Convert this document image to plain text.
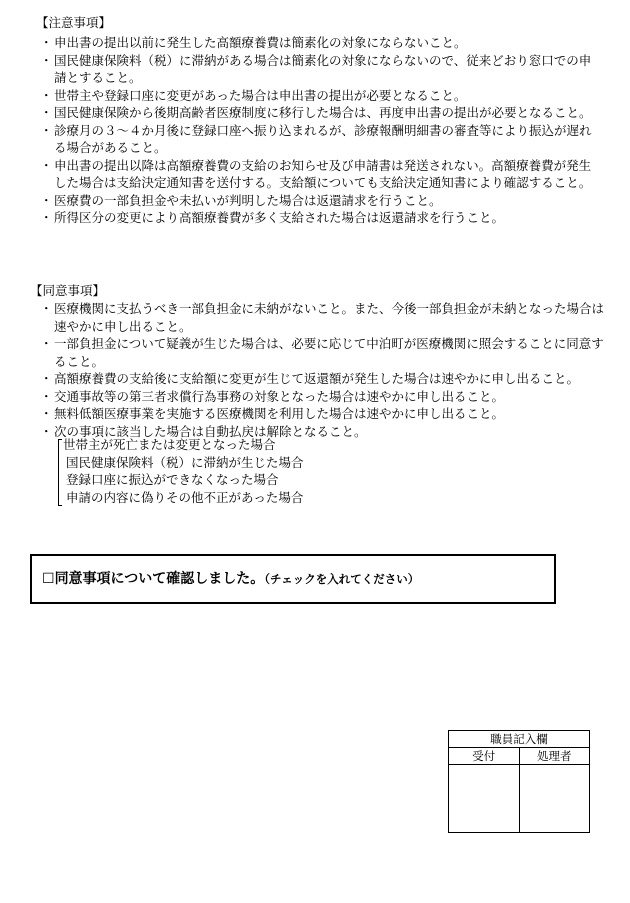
【注意事項】
・ 申出書の提出以前に発生した高額療養費は簡素化の対象にならないこと。
・ 国民健康保険料（税）に滞納がある場合は簡素化の対象にならないので、従来どおり窓口での申請とすること。
・ 世帯主や登録口座に変更があった場合は申出書の提出が必要となること。
・ 国民健康保険から後期高齢者医療制度に移行した場合は、再度申出書の提出が必要となること。
・ 診療月の３～４か月後に登録口座へ振り込まれるが、診療報酬明細書の審査等により振込が遅れる場合があること。
・ 申出書の提出以降は高額療養費の支給のお知らせ及び申請書は発送されない。高額療養費が発生した場合は支給決定通知書を送付する。支給額についても支給決定通知書により確認すること。
・ 医療費の一部負担金や未払いが判明した場合は返還請求を行うこと。
・ 所得区分の変更により高額療養費が多く支給された場合は返還請求を行うこと。
【同意事項】
・ 医療機関に支払うべき一部負担金に未納がないこと。また、今後一部負担金が未納となった場合は速やかに申し出ること。
・ 一部負担金について疑義が生じた場合は、必要に応じて中泊町が医療機関に照会することに同意すること。
・ 高額療養費の支給後に支給額に変更が生じて返還額が発生した場合は速やかに申し出ること。
・ 交通事故等の第三者求償行為事務の対象となった場合は速やかに申し出ること。
・ 無料低額医療事業を実施する医療機関を利用した場合は速やかに申し出ること。
・ 次の事項に該当した場合は自動払戻は解除となること。
世帯主が死亡または変更となった場合
国民健康保険料（税）に滞納が生じた場合
登録口座に振込ができなくなった場合
申請の内容に偽りその他不正があった場合
☐同意事項について確認しました。（チェックを入れてください）
職員記入欄	
受付	処理者
